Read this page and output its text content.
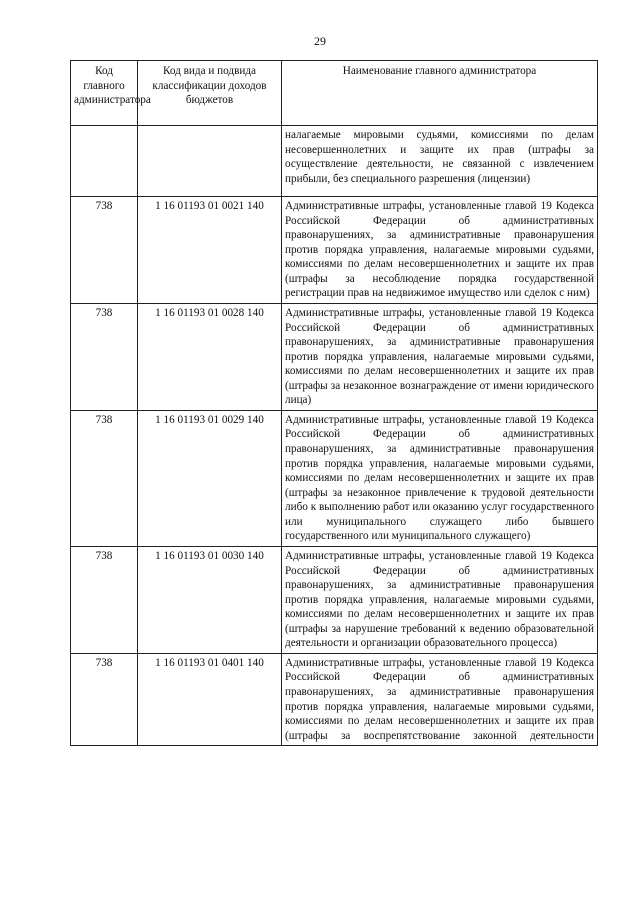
29
Код главного администратора	Код вида и подвида классификации доходов бюджетов	Наименование главного администратора
		налагаемые мировыми судьями, комиссиями по делам несовершеннолетних и защите их прав (штрафы за осуществление деятельности, не связанной с извлечением прибыли, без специального разрешения (лицензии)
738	1 16 01193 01 0021 140	Административные штрафы, установленные главой 19 Кодекса Российской Федерации об административных правонарушениях, за административные правонарушения против порядка управления, налагаемые мировыми судьями, комиссиями по делам несовершеннолетних и защите их прав (штрафы за несоблюдение порядка государственной регистрации прав на недвижимое имущество или сделок с ним)
738	1 16 01193 01 0028 140	Административные штрафы, установленные главой 19 Кодекса Российской Федерации об административных правонарушениях, за административные правонарушения против порядка управления, налагаемые мировыми судьями, комиссиями по делам несовершеннолетних и защите их прав (штрафы за незаконное вознаграждение от имени юридического лица)
738	1 16 01193 01 0029 140	Административные штрафы, установленные главой 19 Кодекса Российской Федерации об административных правонарушениях, за административные правонарушения против порядка управления, налагаемые мировыми судьями, комиссиями по делам несовершеннолетних и защите их прав (штрафы за незаконное привлечение к трудовой деятельности либо к выполнению работ или оказанию услуг государственного или муниципального служащего либо бывшего государственного или муниципального служащего)
738	1 16 01193 01 0030 140	Административные штрафы, установленные главой 19 Кодекса Российской Федерации об административных правонарушениях, за административные правонарушения против порядка управления, налагаемые мировыми судьями, комиссиями по делам несовершеннолетних и защите их прав (штрафы за нарушение требований к ведению образовательной деятельности и организации образовательного процесса)
738	1 16 01193 01 0401 140	Административные штрафы, установленные главой 19 Кодекса Российской Федерации об административных правонарушениях, за административные правонарушения против порядка управления, налагаемые мировыми судьями, комиссиями по делам несовершеннолетних и защите их прав (штрафы за воспрепятствование законной деятельности
